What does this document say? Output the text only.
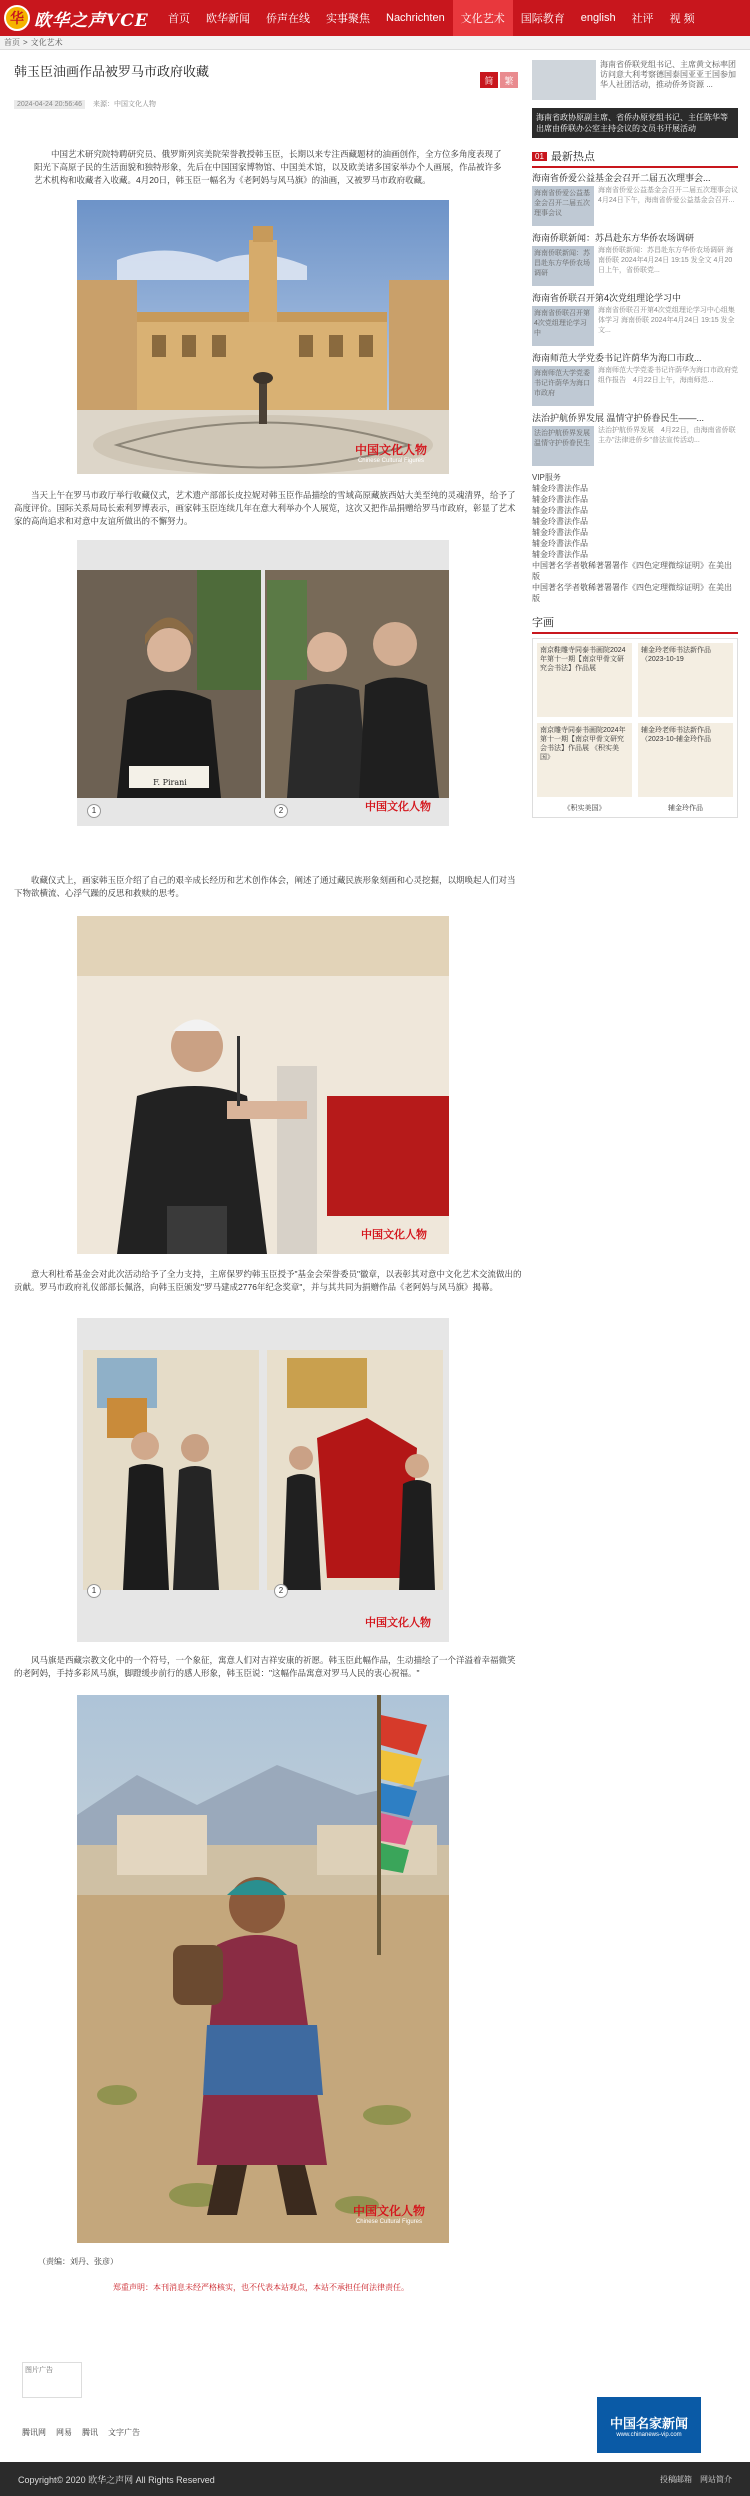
华 欧华之声VCE	首页	欧华新闻	侨声在线	实事聚焦	Nachrichten	文化艺术	国际教育	english	社评	视 频
首页 > 文化艺术
韩玉臣油画作品被罗马市政府收藏
简	繁
2024-04-24 20:56:46	来源：中国文化人物
中国艺术研究院特聘研究员、俄罗斯列宾美院荣誉教授韩玉臣，长期以来专注西藏题材的油画创作，全方位多角度表现了阳光下高原子民的生活面貌和独特形象，先后在中国国家博物馆、中国美术馆，以及欧美诸多国家举办个人画展，作品被许多艺术机构和收藏者入收藏。4月20日，韩玉臣一幅名为《老阿妈与风马旗》的油画，又被罗马市政府收藏。
中国文化人物
Chinese Cultural Figures
当天上午在罗马市政厅举行收藏仪式，艺术遗产部部长皮拉妮对韩玉臣作品描绘的雪域高原藏族西姑大美至纯的灵魂清界，给予了高度评价。国际关系局局长索利罗博表示，画家韩玉臣连续几年在意大利举办个人展览，这次又把作品捐赠给罗马市政府，彰显了艺术家的高尚追求和对意中友谊所做出的不懈努力。
F. Pirani
1	2	中国文化人物
收藏仪式上，画家韩玉臣介绍了自己的艰辛成长经历和艺术创作体会，阐述了通过藏民族形象刻画和心灵挖掘，以期唤起人们对当下物欲横流、心浮气躁的反思和救赎的思考。
中国文化人物
意大利杜希基金会对此次活动给予了全力支持，主席保罗约韩玉臣授予"基金会荣誉委员"徽章，以表彰其对意中文化艺术交流做出的贡献。罗马市政府礼仪部部长佩洛，向韩玉臣颁发"罗马建成2776年纪念奖章"，并与其共同为捐赠作品《老阿妈与风马旗》揭幕。
1	2
中国文化人物
风马旗是西藏宗教文化中的一个符号，一个象征，寓意人们对吉祥安康的祈愿。韩玉臣此幅作品，生动描绘了一个洋溢着幸福微笑的老阿妈，手持多彩风马旗，脚蹬缓步前行的感人形象，韩玉臣说："这幅作品寓意对罗马人民的衷心祝福。"
中国文化人物
Chinese Cultural Figures
（责编：刘丹、张彦）
郑重声明：本刊消息未经严格核实，也不代表本站观点，本站不承担任何法律责任。
海南省侨联党组书记、主席黄文标率团访问意大利考察德国泰国亚亚王国参加华人社团活动，推动侨务资源 ...
海南省政协原副主席、省侨办原党组书记、主任陈华等出席由侨联办公室主持会议的文员书开展活动
01 最新热点
海南省侨爱公益基金会召开二届五次理事会...
海南省侨爱公益基金会召开二届五次理事会议
海南省侨爱公益基金会召开二届五次理事会议　4月24日下午，海南省侨爱公益基金会召开...
海南侨联新闻：苏昌赴东方华侨农场调研
海南侨联新闻：苏昌赴东方华侨农场调研
海南侨联新闻：苏昌赴东方华侨农场调研 海南侨联 2024年4月24日 19:15 发全文 4月20日上午，省侨联党...
海南省侨联召开第4次党组理论学习中
海南省侨联召开第4次党组理论学习中
海南省侨联召开第4次党组理论学习中心组集体学习 海南侨联 2024年4月24日 19:15 发全文...
海南师范大学党委书记许荫华为海口市政...
海南师范大学党委书记许荫华为海口市政府
海南师范大学党委书记许荫华为海口市政府党组作报告　4月22日上午，海南师范...
法治护航侨界发展 温情守护侨眷民生——...
法治护航侨界发展 温情守护侨眷民生
法治护航侨界发展　4月22日，由海南省侨联主办"法律进侨乡"普法宣传活动...
VIP服务
辅金玲書法作品
辅金玲書法作品
辅金玲書法作品
辅金玲書法作品
辅金玲書法作品
辅金玲書法作品
辅金玲書法作品
中国著名学者敬稀著署署作《四色定理微综证明》在美出版
中国著名学者敬稀著署署作《四色定理微综证明》在美出版
字画
南京鞋雕寺同泰书画院2024年第十一期【南京甲骨文研究会书法】作品展
辅金玲老师书法新作品（2023-10-19
南京雕寺同泰书画院2024年第十一期【南京甲骨文研究会书法】作品展 《积实美国》
辅金玲老师书法新作品（2023-10-辅金玲作品
《积实美国》	辅金玲作品
图片广告
腾讯网 网易 腾讯 文字广告
中国名家新闻
www.chinanews-vip.com
Copyright© 2020 欧华之声网 All Rights Reserved	投稿邮箱 网站简介
